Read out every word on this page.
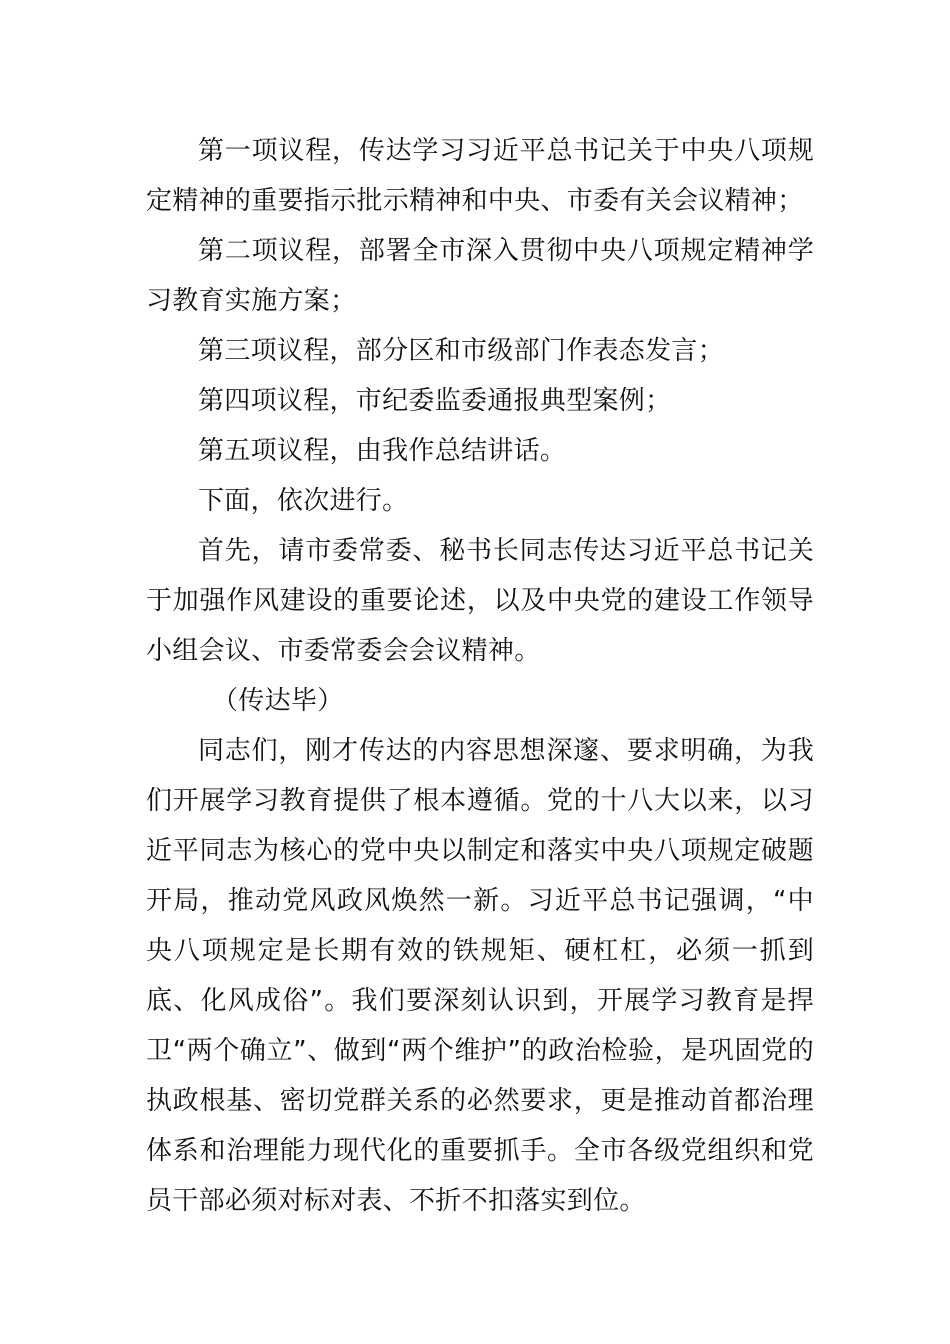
第一项议程，传达学习习近平总书记关于中央八项规定精神的重要指示批示精神和中央、市委有关会议精神；

第二项议程，部署全市深入贯彻中央八项规定精神学习教育实施方案；

第三项议程，部分区和市级部门作表态发言；

第四项议程，市纪委监委通报典型案例；

第五项议程，由我作总结讲话。

下面，依次进行。

首先，请市委常委、秘书长同志传达习近平总书记关于加强作风建设的重要论述，以及中央党的建设工作领导小组会议、市委常委会会议精神。

（传达毕）

同志们，刚才传达的内容思想深邃、要求明确，为我们开展学习教育提供了根本遵循。党的十八大以来，以习近平同志为核心的党中央以制定和落实中央八项规定破题开局，推动党风政风焕然一新。习近平总书记强调，“中央八项规定是长期有效的铁规矩、硬杠杠，必须一抓到底、化风成俗”。我们要深刻认识到，开展学习教育是捍卫“两个确立”、做到“两个维护”的政治检验，是巩固党的执政根基、密切党群关系的必然要求，更是推动首都治理体系和治理能力现代化的重要抓手。全市各级党组织和党员干部必须对标对表、不折不扣落实到位。
